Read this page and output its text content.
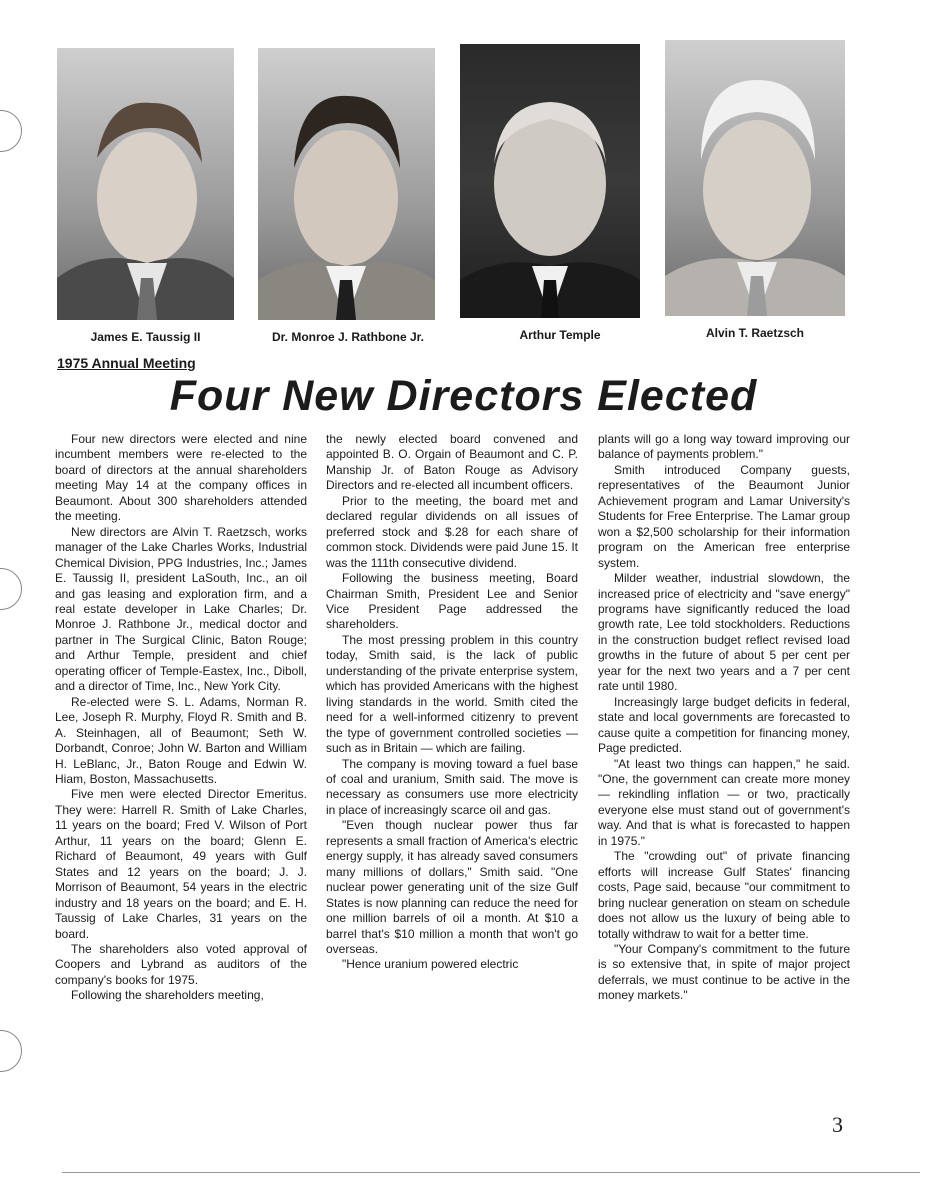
James E. Taussig II	Dr. Monroe J. Rathbone Jr.	Arthur Temple	Alvin T. Raetzsch
1975 Annual Meeting
Four New Directors Elected

Four new directors were elected and nine incumbent members were re-elected to the board of directors at the annual shareholders meeting May 14 at the company offices in Beaumont. About 300 shareholders attended the meeting.

New directors are Alvin T. Raetzsch, works manager of the Lake Charles Works, Industrial Chemical Division, PPG Industries, Inc.; James E. Taussig II, president LaSouth, Inc., an oil and gas leasing and exploration firm, and a real estate developer in Lake Charles; Dr. Monroe J. Rathbone Jr., medical doctor and partner in The Surgical Clinic, Baton Rouge; and Arthur Temple, president and chief operating officer of Temple-Eastex, Inc., Diboll, and a director of Time, Inc., New York City.

Re-elected were S. L. Adams, Norman R. Lee, Joseph R. Murphy, Floyd R. Smith and B. A. Steinhagen, all of Beaumont; Seth W. Dorbandt, Conroe; John W. Barton and William H. LeBlanc, Jr., Baton Rouge and Edwin W. Hiam, Boston, Massachusetts.

Five men were elected Director Emeritus. They were: Harrell R. Smith of Lake Charles, 11 years on the board; Fred V. Wilson of Port Arthur, 11 years on the board; Glenn E. Richard of Beaumont, 49 years with Gulf States and 12 years on the board; J. J. Morrison of Beaumont, 54 years in the electric industry and 18 years on the board; and E. H. Taussig of Lake Charles, 31 years on the board.

The shareholders also voted approval of Coopers and Lybrand as auditors of the company's books for 1975.

Following the shareholders meeting,

the newly elected board convened and appointed B. O. Orgain of Beaumont and C. P. Manship Jr. of Baton Rouge as Advisory Directors and re-elected all incumbent officers.

Prior to the meeting, the board met and declared regular dividends on all issues of preferred stock and $.28 for each share of common stock. Dividends were paid June 15. It was the 111th consecutive dividend.

Following the business meeting, Board Chairman Smith, President Lee and Senior Vice President Page addressed the shareholders.

The most pressing problem in this country today, Smith said, is the lack of public understanding of the private enterprise system, which has provided Americans with the highest living standards in the world. Smith cited the need for a well-informed citizenry to prevent the type of government controlled societies — such as in Britain — which are failing.

The company is moving toward a fuel base of coal and uranium, Smith said. The move is necessary as consumers use more electricity in place of increasingly scarce oil and gas.

"Even though nuclear power thus far represents a small fraction of America's electric energy supply, it has already saved consumers many millions of dollars," Smith said. "One nuclear power generating unit of the size Gulf States is now planning can reduce the need for one million barrels of oil a month. At $10 a barrel that's $10 million a month that won't go overseas.

"Hence uranium powered electric

plants will go a long way toward improving our balance of payments problem."

Smith introduced Company guests, representatives of the Beaumont Junior Achievement program and Lamar University's Students for Free Enterprise. The Lamar group won a $2,500 scholarship for their information program on the American free enterprise system.

Milder weather, industrial slowdown, the increased price of electricity and "save energy" programs have significantly reduced the load growth rate, Lee told stockholders. Reductions in the construction budget reflect revised load growths in the future of about 5 per cent per year for the next two years and a 7 per cent rate until 1980.

Increasingly large budget deficits in federal, state and local governments are forecasted to cause quite a competition for financing money, Page predicted.

"At least two things can happen," he said. "One, the government can create more money — rekindling inflation — or two, practically everyone else must stand out of government's way. And that is what is forecasted to happen in 1975."

The "crowding out" of private financing efforts will increase Gulf States' financing costs, Page said, because "our commitment to bring nuclear generation on steam on schedule does not allow us the luxury of being able to totally withdraw to wait for a better time.

"Your Company's commitment to the future is so extensive that, in spite of major project deferrals, we must continue to be active in the money markets."

3
